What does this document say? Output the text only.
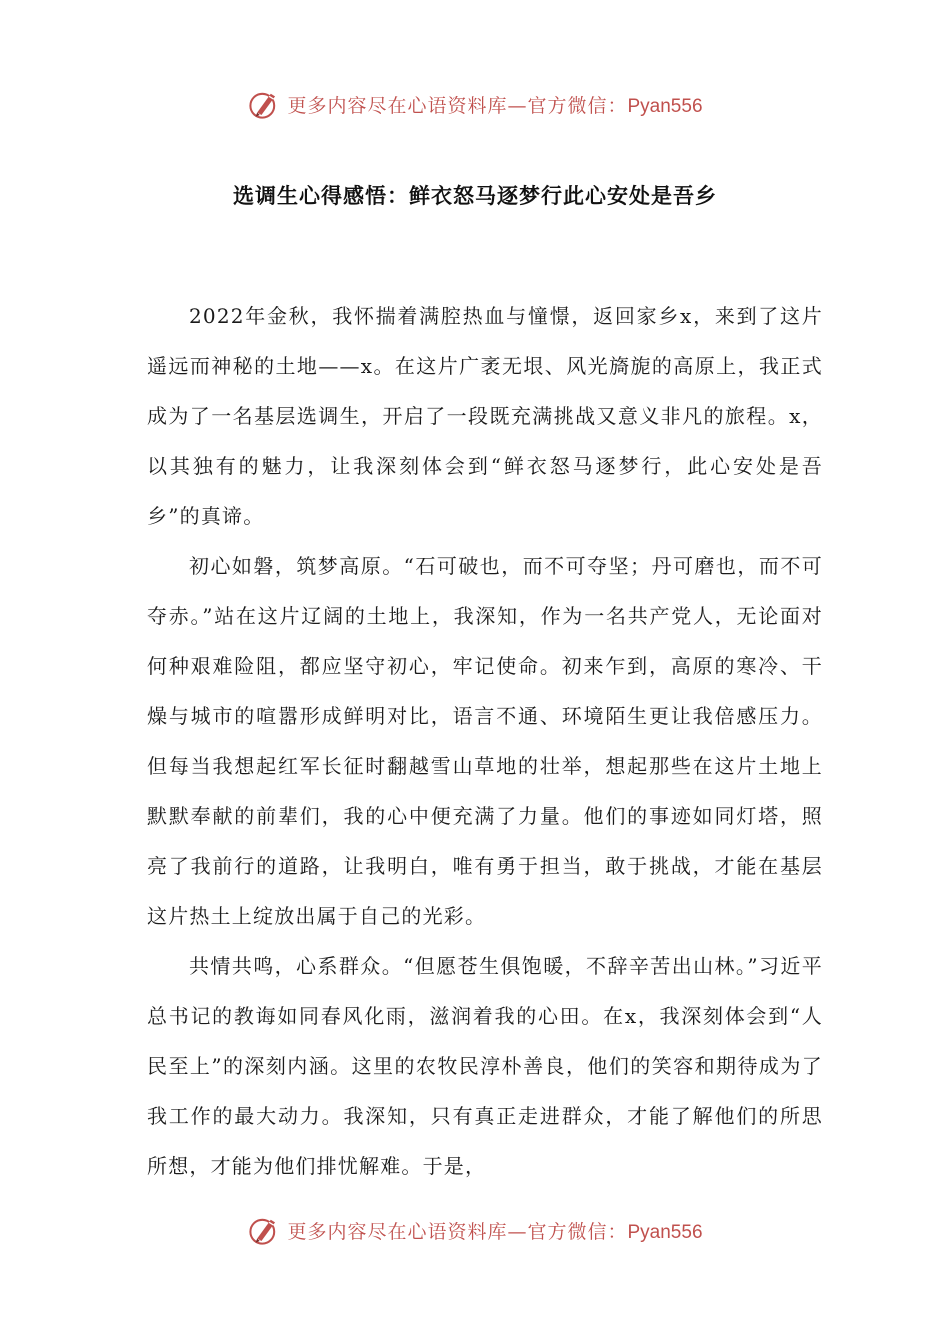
更多内容尽在心语资料库—官方微信：Pyan556
选调生心得感悟：鲜衣怒马逐梦行此心安处是吾乡

2022年金秋，我怀揣着满腔热血与憧憬，返回家乡x，来到了这片遥远而神秘的土地——x。在这片广袤无垠、风光旖旎的高原上，我正式成为了一名基层选调生，开启了一段既充满挑战又意义非凡的旅程。x，以其独有的魅力，让我深刻体会到“鲜衣怒马逐梦行，此心安处是吾乡”的真谛。

初心如磐，筑梦高原。“石可破也，而不可夺坚；丹可磨也，而不可夺赤。”站在这片辽阔的土地上，我深知，作为一名共产党人，无论面对何种艰难险阻，都应坚守初心，牢记使命。初来乍到，高原的寒冷、干燥与城市的喧嚣形成鲜明对比，语言不通、环境陌生更让我倍感压力。但每当我想起红军长征时翻越雪山草地的壮举，想起那些在这片土地上默默奉献的前辈们，我的心中便充满了力量。他们的事迹如同灯塔，照亮了我前行的道路，让我明白，唯有勇于担当，敢于挑战，才能在基层这片热土上绽放出属于自己的光彩。

共情共鸣，心系群众。“但愿苍生俱饱暖，不辞辛苦出山林。”习近平总书记的教诲如同春风化雨，滋润着我的心田。在x，我深刻体会到“人民至上”的深刻内涵。这里的农牧民淳朴善良，他们的笑容和期待成为了我工作的最大动力。我深知，只有真正走进群众，才能了解他们的所思所想，才能为他们排忧解难。于是，

更多内容尽在心语资料库—官方微信：Pyan556
